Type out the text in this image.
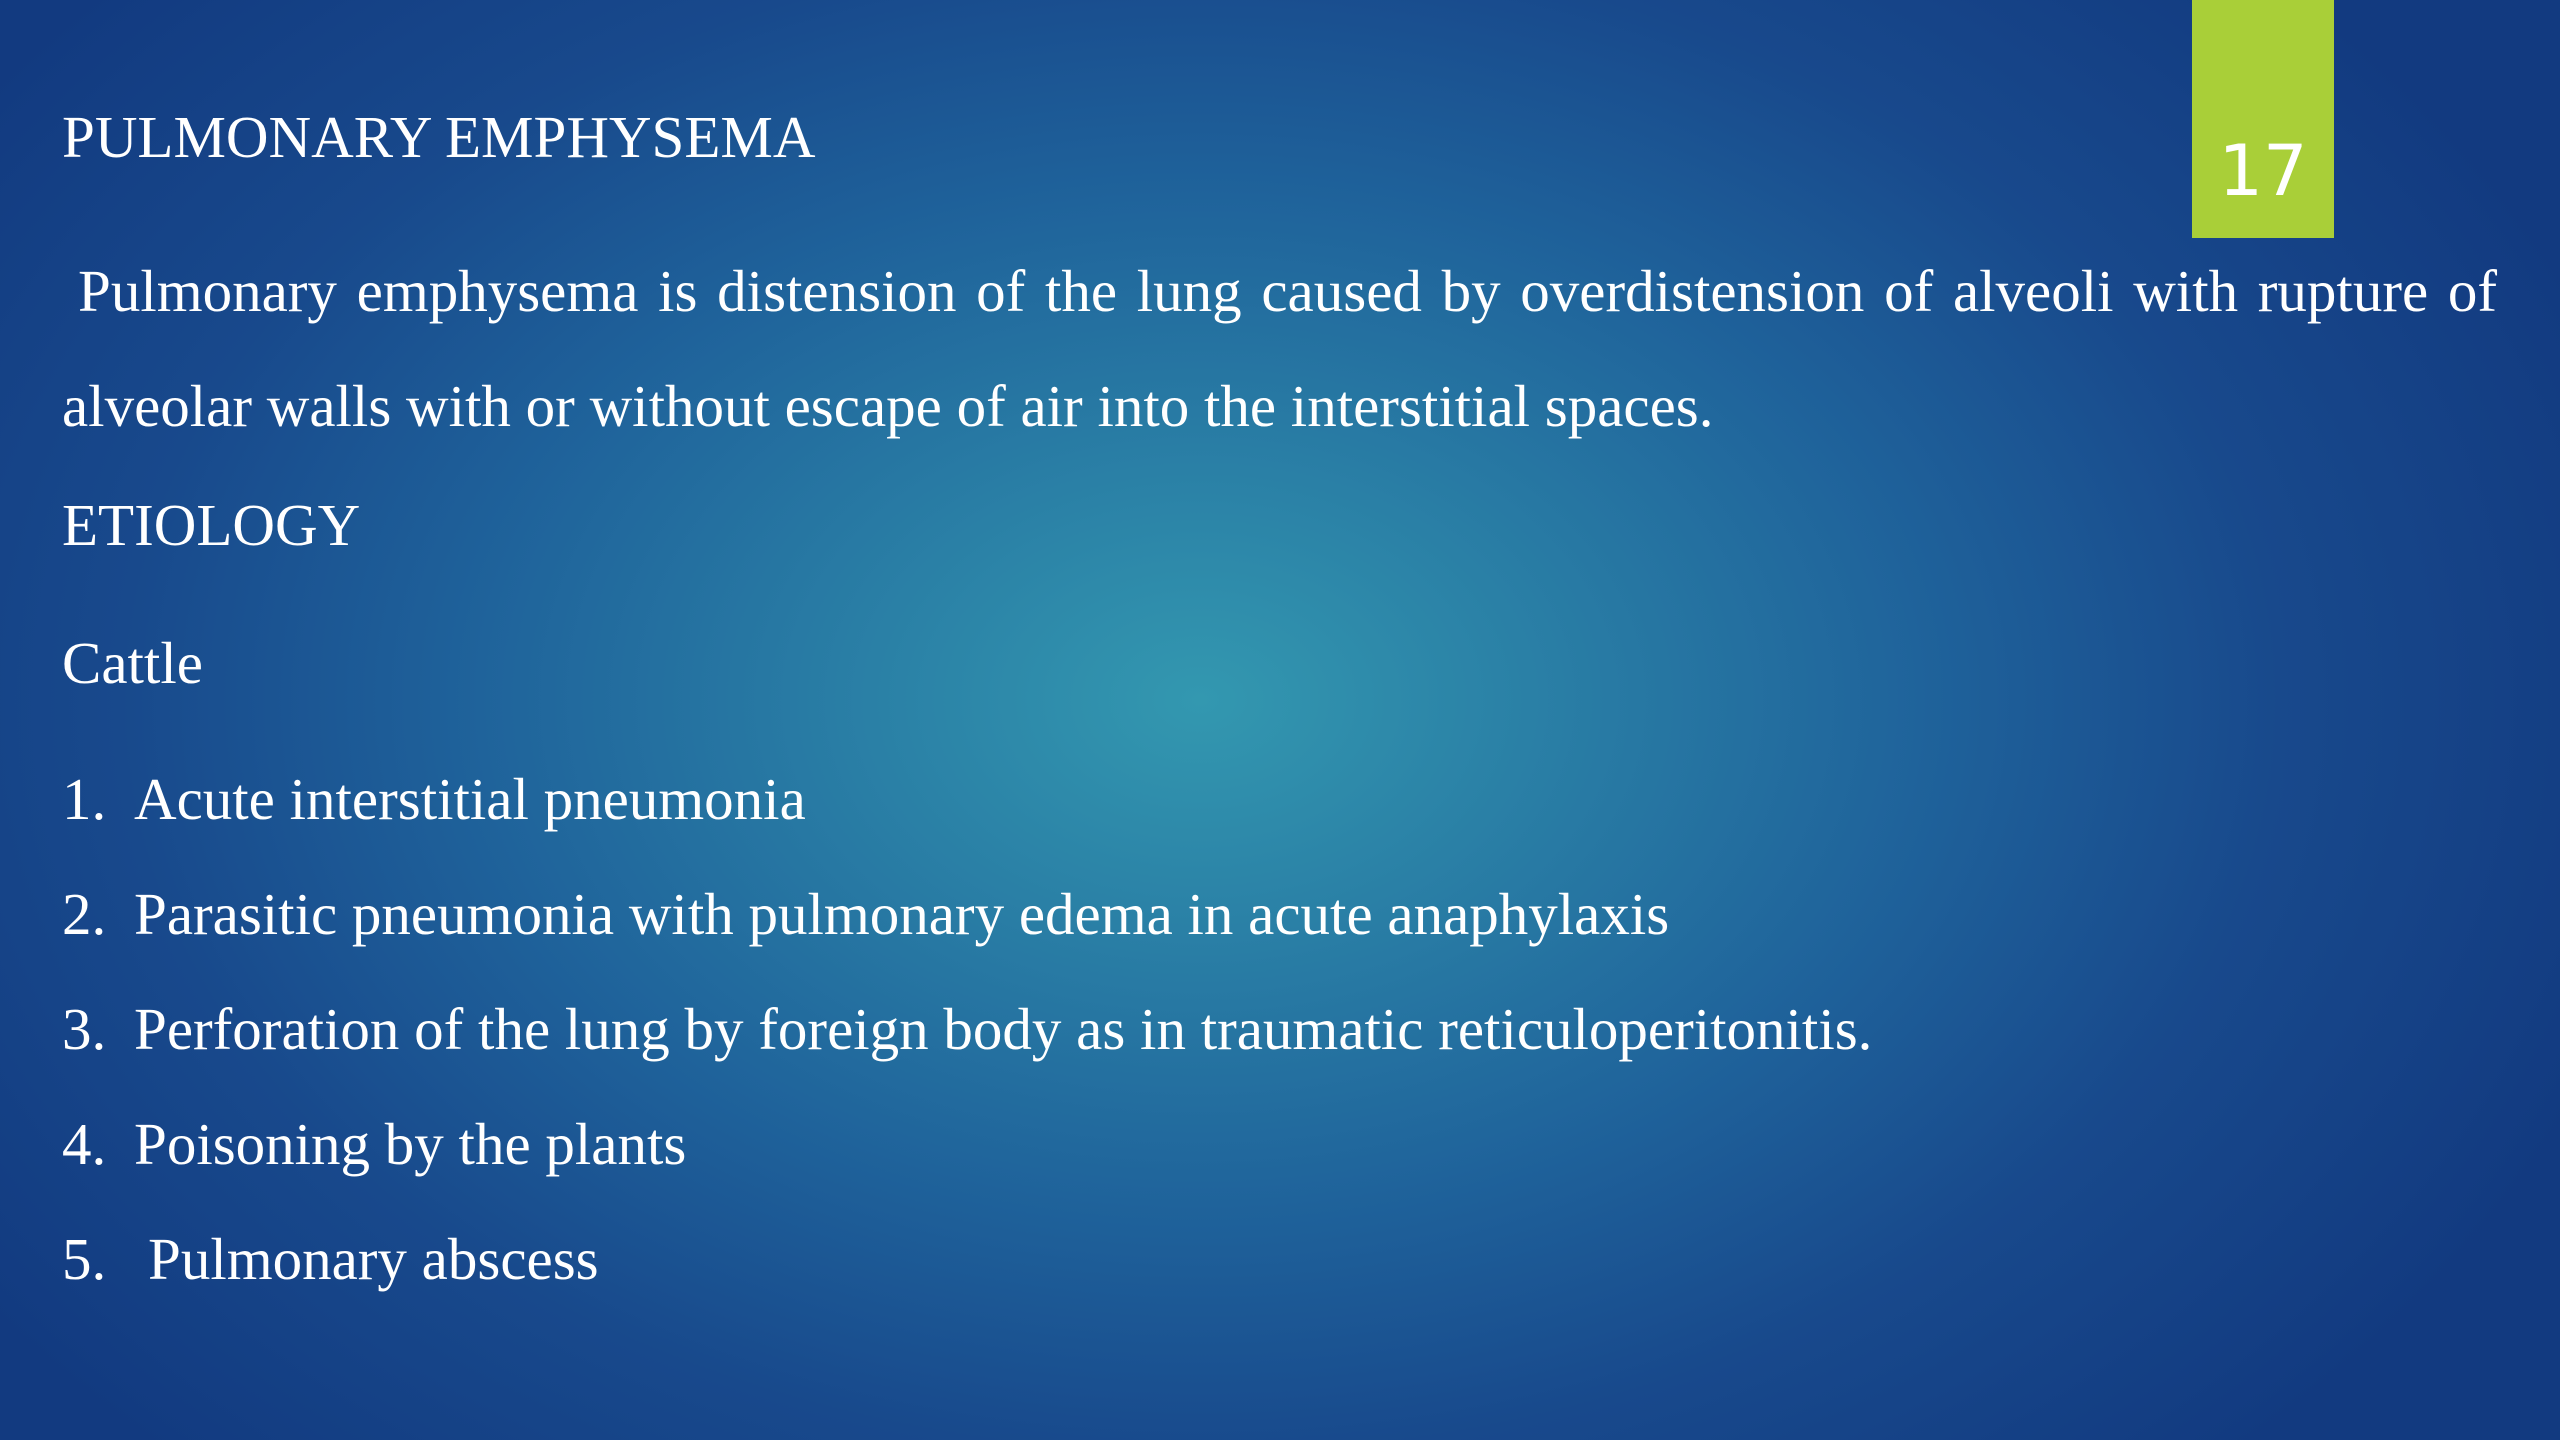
17
PULMONARY EMPHYSEMA
Pulmonary emphysema is distension of the lung caused by overdistension of alveoli with rupture of alveolar walls with or without escape of air into the interstitial spaces.
ETIOLOGY
Cattle
1. Acute interstitial pneumonia
2. Parasitic pneumonia with pulmonary edema in acute anaphylaxis
3. Perforation of the lung by foreign body as in traumatic reticuloperitonitis.
4. Poisoning by the plants
5. Pulmonary abscess
